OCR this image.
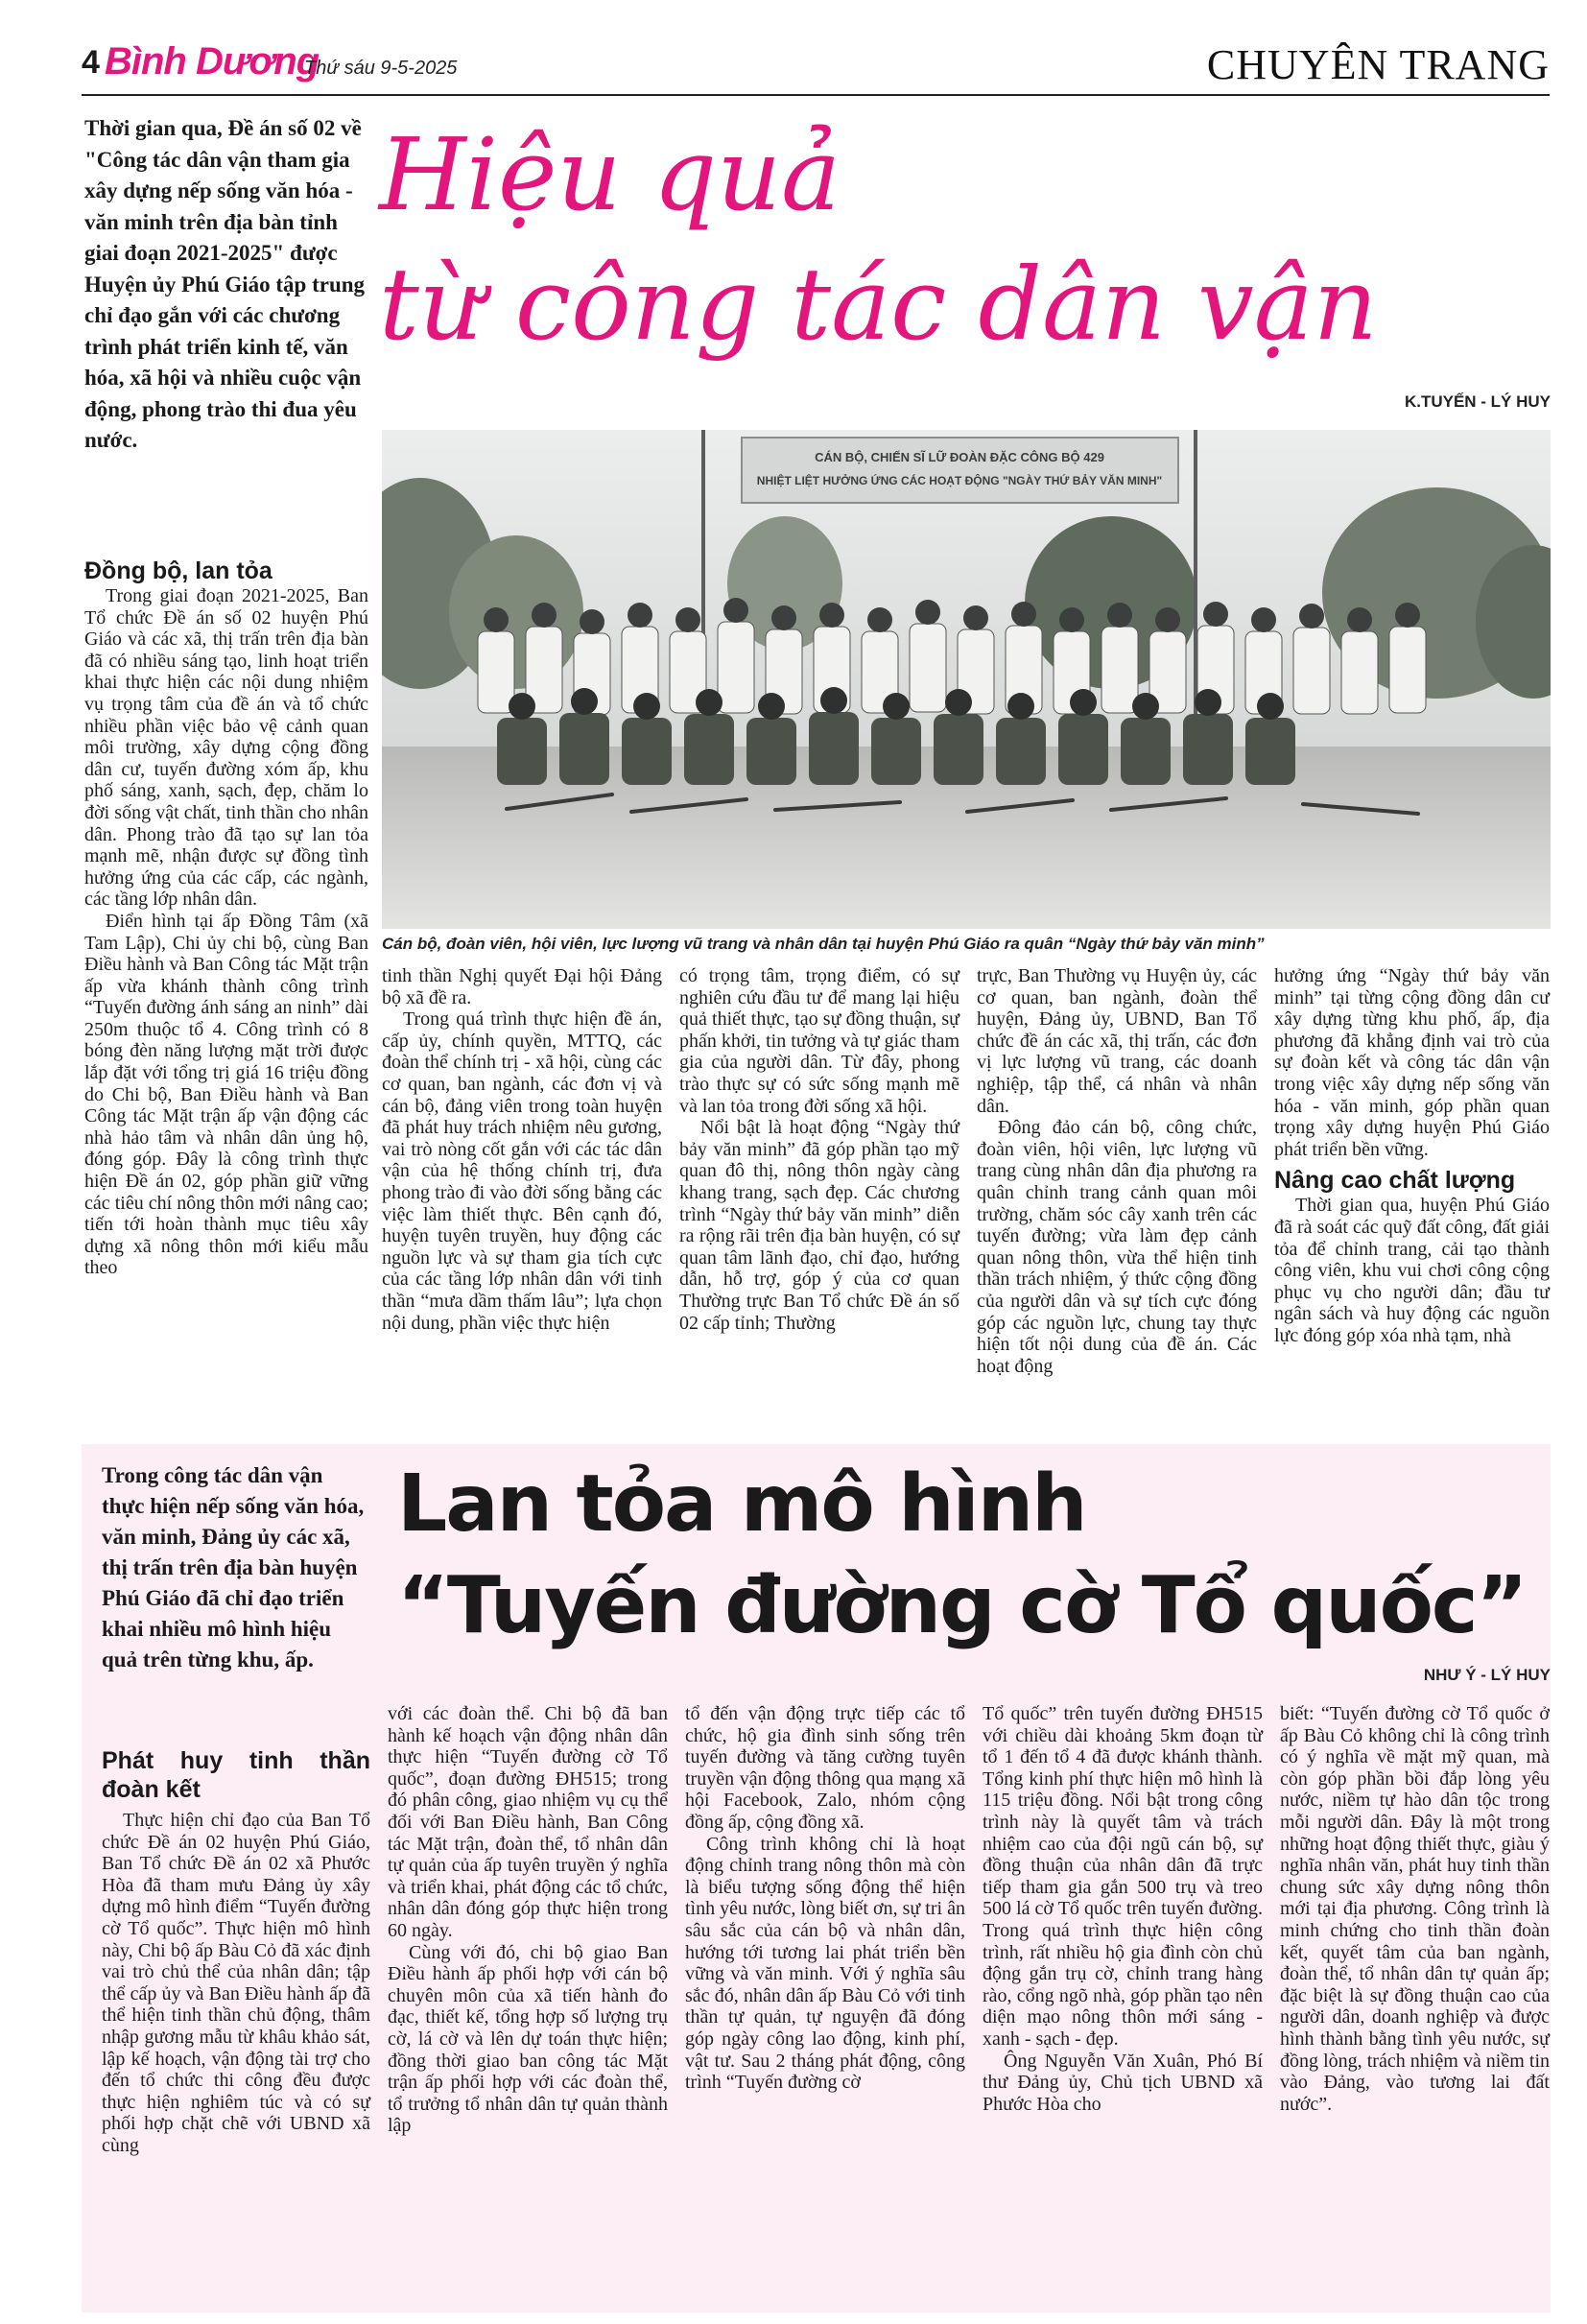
4 Bình Dương
Thứ sáu 9-5-2025	CHUYÊN TRANG
Thời gian qua, Đề án số 02 về "Công tác dân vận tham gia xây dựng nếp sống văn hóa - văn minh trên địa bàn tỉnh giai đoạn 2021-2025" được Huyện ủy Phú Giáo tập trung chỉ đạo gắn với các chương trình phát triển kinh tế, văn hóa, xã hội và nhiều cuộc vận động, phong trào thi đua yêu nước.
Hiệu quả
từ công tác dân vận
K.TUYẾN - LÝ HUY
CÁN BỘ, CHIẾN SĨ LỮ ĐOÀN ĐẶC CÔNG BỘ 429
NHIỆT LIỆT HƯỞNG ỨNG CÁC HOẠT ĐỘNG "NGÀY THỨ BẢY VĂN MINH"
Cán bộ, đoàn viên, hội viên, lực lượng vũ trang và nhân dân tại huyện Phú Giáo ra quân “Ngày thứ bảy văn minh”
Đồng bộ, lan tỏa

Trong giai đoạn 2021-2025, Ban Tổ chức Đề án số 02 huyện Phú Giáo và các xã, thị trấn trên địa bàn đã có nhiều sáng tạo, linh hoạt triển khai thực hiện các nội dung nhiệm vụ trọng tâm của đề án và tổ chức nhiều phần việc bảo vệ cảnh quan môi trường, xây dựng cộng đồng dân cư, tuyến đường xóm ấp, khu phố sáng, xanh, sạch, đẹp, chăm lo đời sống vật chất, tinh thần cho nhân dân. Phong trào đã tạo sự lan tỏa mạnh mẽ, nhận được sự đồng tình hưởng ứng của các cấp, các ngành, các tầng lớp nhân dân.

Điển hình tại ấp Đồng Tâm (xã Tam Lập), Chi ủy chi bộ, cùng Ban Điều hành và Ban Công tác Mặt trận ấp vừa khánh thành công trình “Tuyến đường ánh sáng an ninh” dài 250m thuộc tổ 4. Công trình có 8 bóng đèn năng lượng mặt trời được lắp đặt với tổng trị giá 16 triệu đồng do Chi bộ, Ban Điều hành và Ban Công tác Mặt trận ấp vận động các nhà hảo tâm và nhân dân ủng hộ, đóng góp. Đây là công trình thực hiện Đề án 02, góp phần giữ vững các tiêu chí nông thôn mới nâng cao; tiến tới hoàn thành mục tiêu xây dựng xã nông thôn mới kiểu mẫu theo

tinh thần Nghị quyết Đại hội Đảng bộ xã đề ra.

Trong quá trình thực hiện đề án, cấp ủy, chính quyền, MTTQ, các đoàn thể chính trị - xã hội, cùng các cơ quan, ban ngành, các đơn vị và cán bộ, đảng viên trong toàn huyện đã phát huy trách nhiệm nêu gương, vai trò nòng cốt gắn với các tác dân vận của hệ thống chính trị, đưa phong trào đi vào đời sống bằng các việc làm thiết thực. Bên cạnh đó, huyện tuyên truyền, huy động các nguồn lực và sự tham gia tích cực của các tầng lớp nhân dân với tinh thần “mưa dầm thấm lâu”; lựa chọn nội dung, phần việc thực hiện

có trọng tâm, trọng điểm, có sự nghiên cứu đầu tư để mang lại hiệu quả thiết thực, tạo sự đồng thuận, sự phấn khởi, tin tưởng và tự giác tham gia của người dân. Từ đây, phong trào thực sự có sức sống mạnh mẽ và lan tỏa trong đời sống xã hội.

Nổi bật là hoạt động “Ngày thứ bảy văn minh” đã góp phần tạo mỹ quan đô thị, nông thôn ngày càng khang trang, sạch đẹp. Các chương trình “Ngày thứ bảy văn minh” diễn ra rộng rãi trên địa bàn huyện, có sự quan tâm lãnh đạo, chỉ đạo, hướng dẫn, hỗ trợ, góp ý của cơ quan Thường trực Ban Tổ chức Đề án số 02 cấp tỉnh; Thường

trực, Ban Thường vụ Huyện ủy, các cơ quan, ban ngành, đoàn thể huyện, Đảng ủy, UBND, Ban Tổ chức đề án các xã, thị trấn, các đơn vị lực lượng vũ trang, các doanh nghiệp, tập thể, cá nhân và nhân dân.

Đông đảo cán bộ, công chức, đoàn viên, hội viên, lực lượng vũ trang cùng nhân dân địa phương ra quân chỉnh trang cảnh quan môi trường, chăm sóc cây xanh trên các tuyến đường; vừa làm đẹp cảnh quan nông thôn, vừa thể hiện tinh thần trách nhiệm, ý thức cộng đồng của người dân và sự tích cực đóng góp các nguồn lực, chung tay thực hiện tốt nội dung của đề án. Các hoạt động

hưởng ứng “Ngày thứ bảy văn minh” tại từng cộng đồng dân cư xây dựng từng khu phố, ấp, địa phương đã khẳng định vai trò của sự đoàn kết và công tác dân vận trong việc xây dựng nếp sống văn hóa - văn minh, góp phần quan trọng xây dựng huyện Phú Giáo phát triển bền vững.

Nâng cao chất lượng

Thời gian qua, huyện Phú Giáo đã rà soát các quỹ đất công, đất giải tỏa để chỉnh trang, cải tạo thành công viên, khu vui chơi công cộng phục vụ cho người dân; đầu tư ngân sách và huy động các nguồn lực đóng góp xóa nhà tạm, nhà

Trong công tác dân vận thực hiện nếp sống văn hóa, văn minh, Đảng ủy các xã, thị trấn trên địa bàn huyện Phú Giáo đã chỉ đạo triển khai nhiều mô hình hiệu quả trên từng khu, ấp.
Lan tỏa mô hình
“Tuyến đường cờ Tổ quốc”
NHƯ Ý - LÝ HUY
Phát huy tinh thần đoàn kết

Thực hiện chỉ đạo của Ban Tổ chức Đề án 02 huyện Phú Giáo, Ban Tổ chức Đề án 02 xã Phước Hòa đã tham mưu Đảng ủy xây dựng mô hình điểm “Tuyến đường cờ Tổ quốc”. Thực hiện mô hình này, Chi bộ ấp Bàu Cỏ đã xác định vai trò chủ thể của nhân dân; tập thể cấp ủy và Ban Điều hành ấp đã thể hiện tinh thần chủ động, thâm nhập gương mẫu từ khâu khảo sát, lập kế hoạch, vận động tài trợ cho đến tổ chức thi công đều được thực hiện nghiêm túc và có sự phối hợp chặt chẽ với UBND xã cùng

với các đoàn thể. Chi bộ đã ban hành kế hoạch vận động nhân dân thực hiện “Tuyến đường cờ Tổ quốc”, đoạn đường ĐH515; trong đó phân công, giao nhiệm vụ cụ thể đối với Ban Điều hành, Ban Công tác Mặt trận, đoàn thể, tổ nhân dân tự quản của ấp tuyên truyền ý nghĩa và triển khai, phát động các tổ chức, nhân dân đóng góp thực hiện trong 60 ngày.

Cùng với đó, chi bộ giao Ban Điều hành ấp phối hợp với cán bộ chuyên môn của xã tiến hành đo đạc, thiết kế, tổng hợp số lượng trụ cờ, lá cờ và lên dự toán thực hiện; đồng thời giao ban công tác Mặt trận ấp phối hợp với các đoàn thể, tổ trưởng tổ nhân dân tự quản thành lập

tổ đến vận động trực tiếp các tổ chức, hộ gia đình sinh sống trên tuyến đường và tăng cường tuyên truyền vận động thông qua mạng xã hội Facebook, Zalo, nhóm cộng đồng ấp, cộng đồng xã.

Công trình không chỉ là hoạt động chỉnh trang nông thôn mà còn là biểu tượng sống động thể hiện tình yêu nước, lòng biết ơn, sự tri ân sâu sắc của cán bộ và nhân dân, hướng tới tương lai phát triển bền vững và văn minh. Với ý nghĩa sâu sắc đó, nhân dân ấp Bàu Cỏ với tinh thần tự quản, tự nguyện đã đóng góp ngày công lao động, kinh phí, vật tư. Sau 2 tháng phát động, công trình “Tuyến đường cờ

Tổ quốc” trên tuyến đường ĐH515 với chiều dài khoảng 5km đoạn từ tổ 1 đến tổ 4 đã được khánh thành. Tổng kinh phí thực hiện mô hình là 115 triệu đồng. Nổi bật trong công trình này là quyết tâm và trách nhiệm cao của đội ngũ cán bộ, sự đồng thuận của nhân dân đã trực tiếp tham gia gắn 500 trụ và treo 500 lá cờ Tổ quốc trên tuyến đường. Trong quá trình thực hiện công trình, rất nhiều hộ gia đình còn chủ động gắn trụ cờ, chỉnh trang hàng rào, cổng ngõ nhà, góp phần tạo nên diện mạo nông thôn mới sáng - xanh - sạch - đẹp.

Ông Nguyễn Văn Xuân, Phó Bí thư Đảng ủy, Chủ tịch UBND xã Phước Hòa cho

biết: “Tuyến đường cờ Tổ quốc ở ấp Bàu Cỏ không chỉ là công trình có ý nghĩa về mặt mỹ quan, mà còn góp phần bồi đắp lòng yêu nước, niềm tự hào dân tộc trong mỗi người dân. Đây là một trong những hoạt động thiết thực, giàu ý nghĩa nhân văn, phát huy tinh thần chung sức xây dựng nông thôn mới tại địa phương. Công trình là minh chứng cho tinh thần đoàn kết, quyết tâm của ban ngành, đoàn thể, tổ nhân dân tự quản ấp; đặc biệt là sự đồng thuận cao của người dân, doanh nghiệp và được hình thành bằng tình yêu nước, sự đồng lòng, trách nhiệm và niềm tin vào Đảng, vào tương lai đất nước”.
